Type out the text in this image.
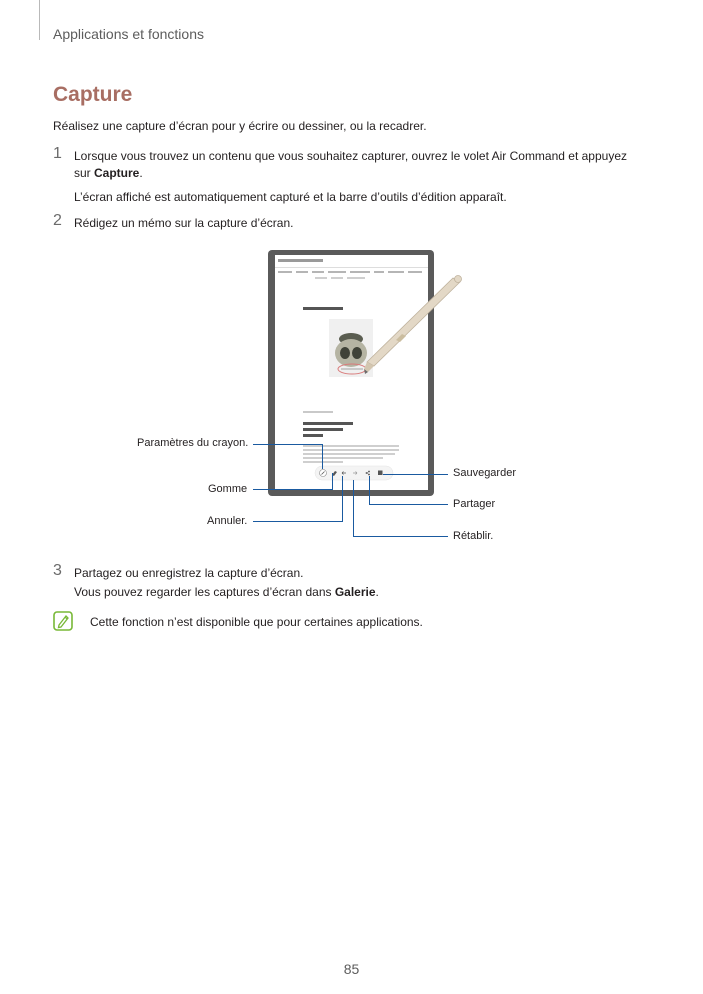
Applications et fonctions
Capture
Réalisez une capture d’écran pour y écrire ou dessiner, ou la recadrer.
1 Lorsque vous trouvez un contenu que vous souhaitez capturer, ouvrez le volet Air Command et appuyez
sur Capture.
L’écran affiché est automatiquement capturé et la barre d’outils d’édition apparaît.
2 Rédigez un mémo sur la capture d’écran.
Paramètres du crayon.
Gomme
Annuler.
Sauvegarder
Partager
Rétablir.
3 Partagez ou enregistrez la capture d’écran.
Vous pouvez regarder les captures d’écran dans Galerie.
Cette fonction n’est disponible que pour certaines applications.
85
